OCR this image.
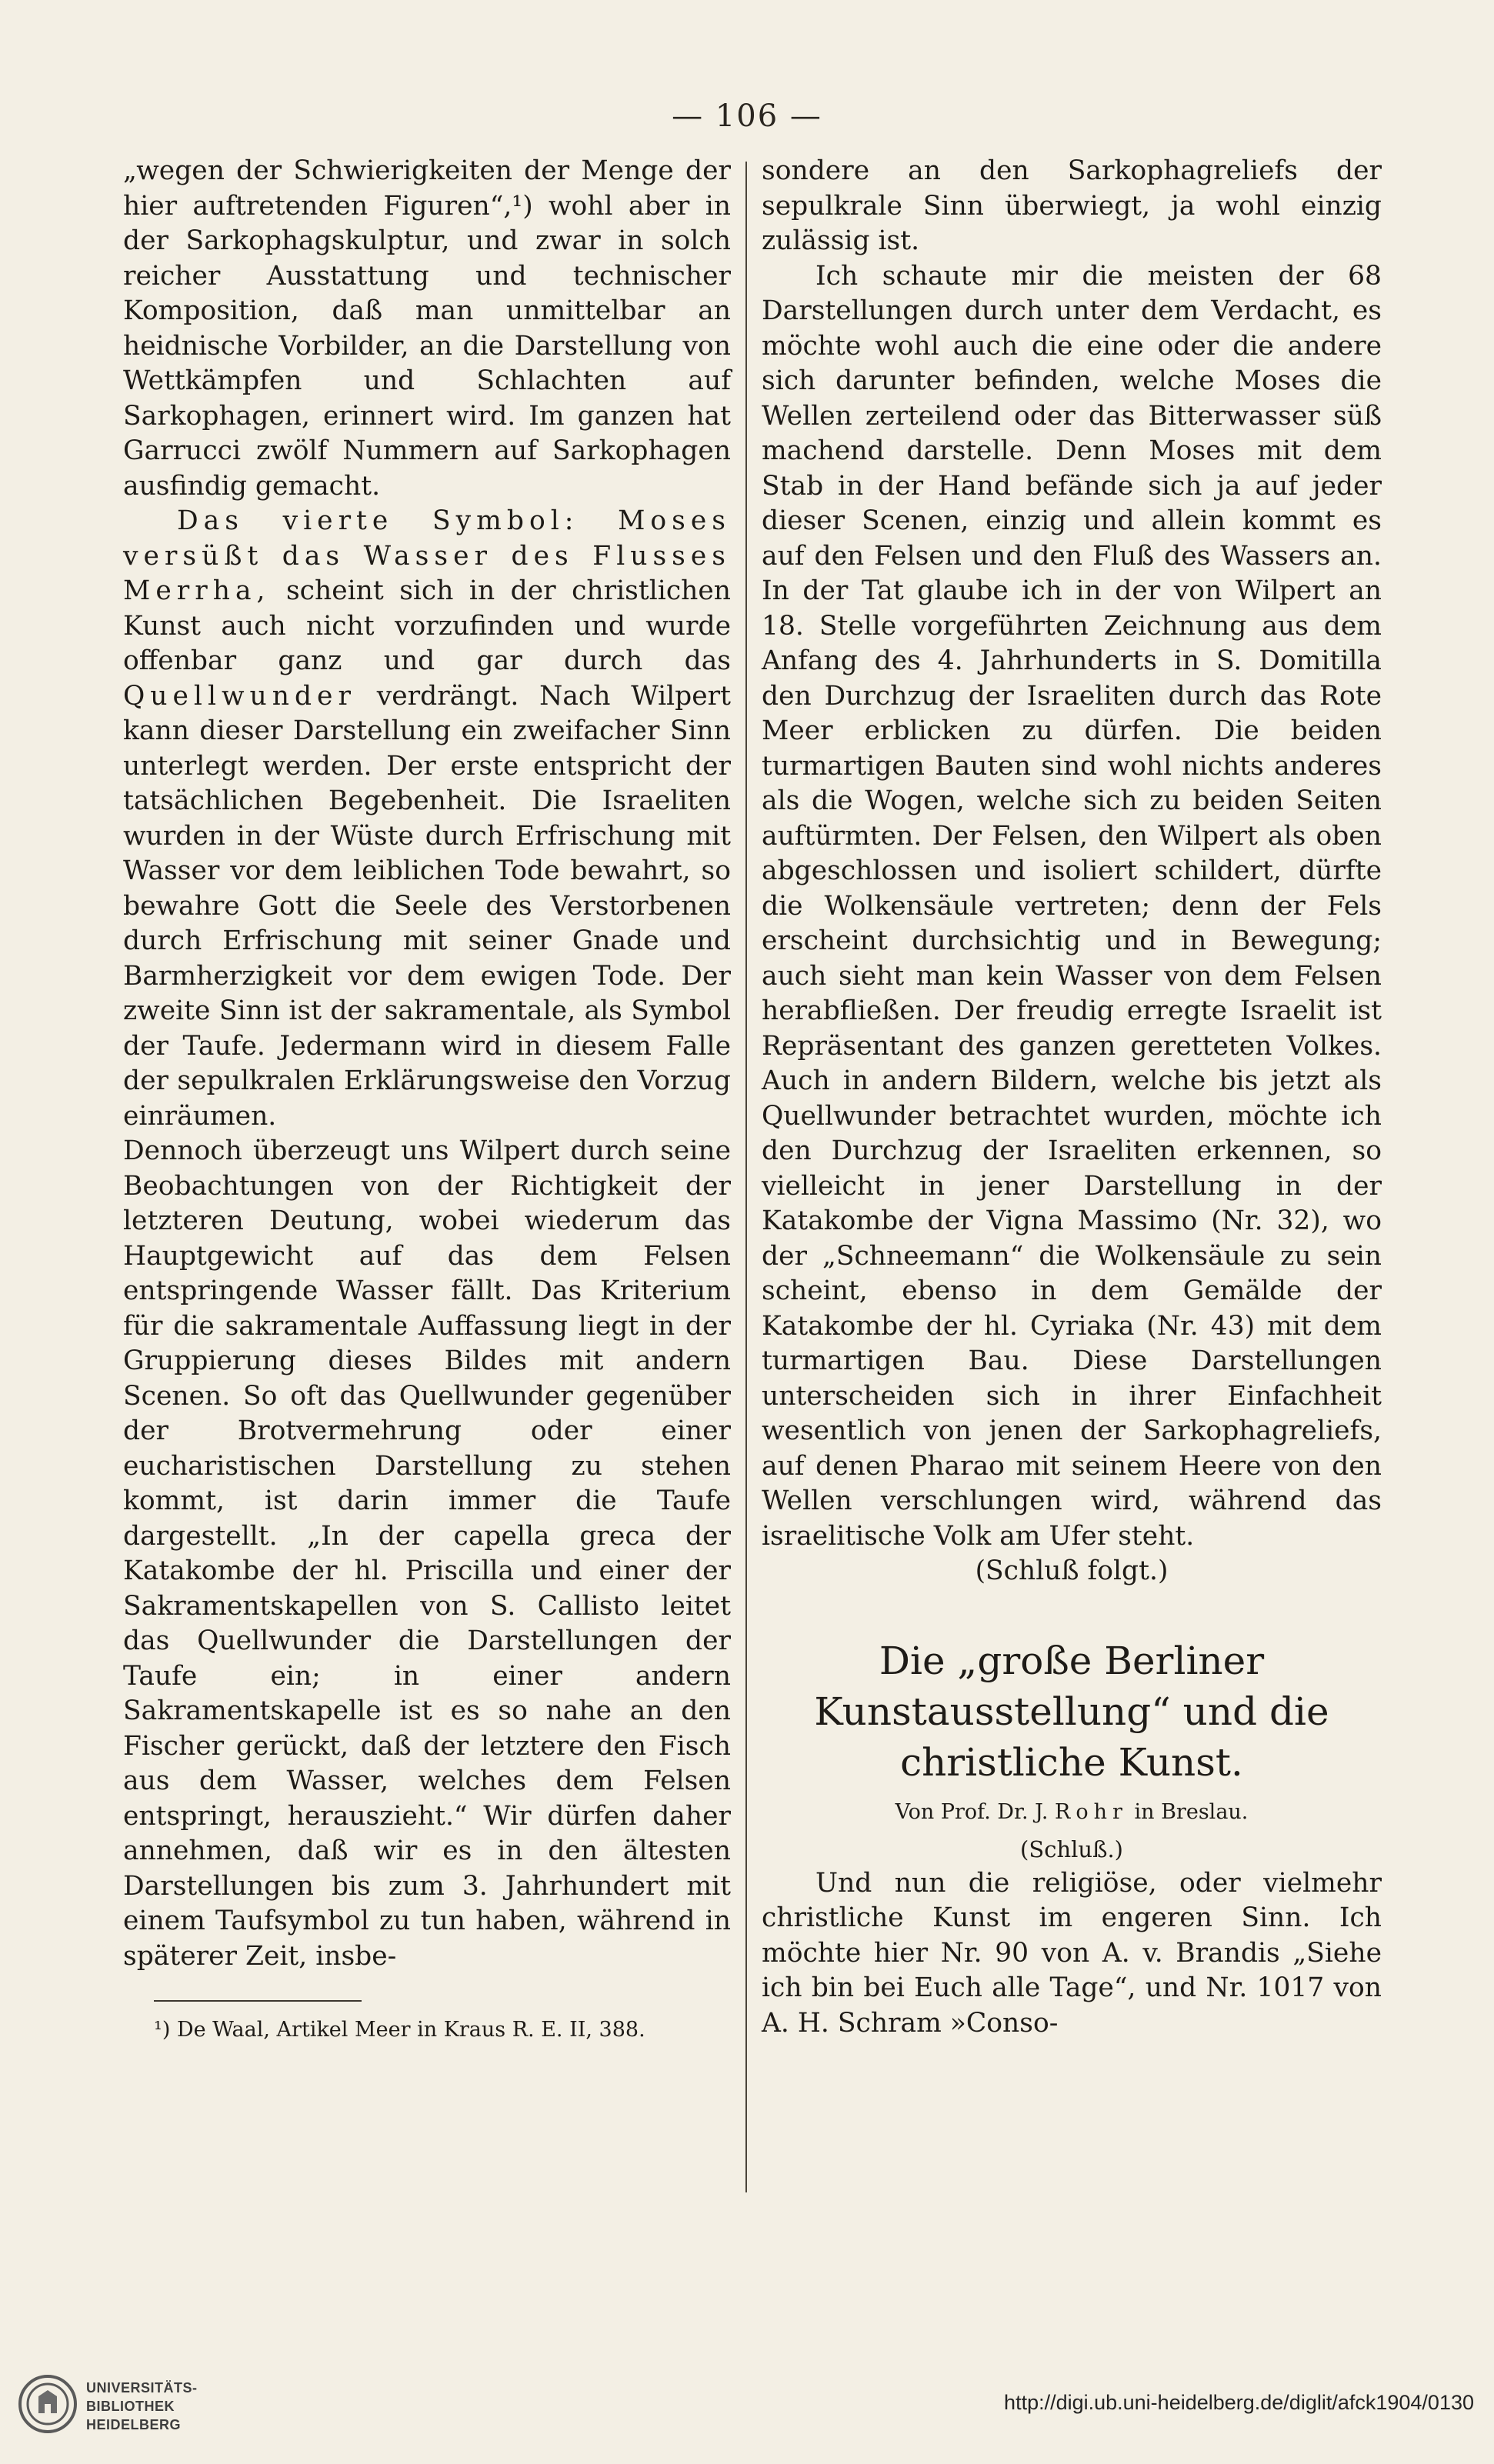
— 106 —

„wegen der Schwierigkeiten der Menge der hier auftretenden Figuren“,¹) wohl aber in der Sarkophagskulptur, und zwar in solch reicher Ausstattung und technischer Komposition, daß man unmittelbar an heidnische Vorbilder, an die Darstellung von Wettkämpfen und Schlachten auf Sarkophagen, erinnert wird. Im ganzen hat Garrucci zwölf Nummern auf Sarkophagen ausfindig gemacht.

Das vierte Symbol: Moses versüßt das Wasser des Flusses Merrha, scheint sich in der christlichen Kunst auch nicht vorzufinden und wurde offenbar ganz und gar durch das Quellwunder verdrängt. Nach Wilpert kann dieser Darstellung ein zweifacher Sinn unterlegt werden. Der erste entspricht der tatsächlichen Begebenheit. Die Israeliten wurden in der Wüste durch Erfrischung mit Wasser vor dem leiblichen Tode bewahrt, so bewahre Gott die Seele des Verstorbenen durch Erfrischung mit seiner Gnade und Barmherzigkeit vor dem ewigen Tode. Der zweite Sinn ist der sakramentale, als Symbol der Taufe. Jedermann wird in diesem Falle der sepulkralen Erklärungsweise den Vorzug einräumen.

Dennoch überzeugt uns Wilpert durch seine Beobachtungen von der Richtigkeit der letzteren Deutung, wobei wiederum das Hauptgewicht auf das dem Felsen entspringende Wasser fällt. Das Kriterium für die sakramentale Auffassung liegt in der Gruppierung dieses Bildes mit andern Scenen. So oft das Quellwunder gegenüber der Brotvermehrung oder einer eucharistischen Darstellung zu stehen kommt, ist darin immer die Taufe dargestellt. „In der capella greca der Katakombe der hl. Priscilla und einer der Sakramentskapellen von S. Callisto leitet das Quellwunder die Darstellungen der Taufe ein; in einer andern Sakramentskapelle ist es so nahe an den Fischer gerückt, daß der letztere den Fisch aus dem Wasser, welches dem Felsen entspringt, herauszieht.“ Wir dürfen daher annehmen, daß wir es in den ältesten Darstellungen bis zum 3. Jahrhundert mit einem Taufsymbol zu tun haben, während in späterer Zeit, insbe-

¹) De Waal, Artikel Meer in Kraus R. E. II, 388.

sondere an den Sarkophagreliefs der sepulkrale Sinn überwiegt, ja wohl einzig zulässig ist.

Ich schaute mir die meisten der 68 Darstellungen durch unter dem Verdacht, es möchte wohl auch die eine oder die andere sich darunter befinden, welche Moses die Wellen zerteilend oder das Bitterwasser süß machend darstelle. Denn Moses mit dem Stab in der Hand befände sich ja auf jeder dieser Scenen, einzig und allein kommt es auf den Felsen und den Fluß des Wassers an. In der Tat glaube ich in der von Wilpert an 18. Stelle vorgeführten Zeichnung aus dem Anfang des 4. Jahrhunderts in S. Domitilla den Durchzug der Israeliten durch das Rote Meer erblicken zu dürfen. Die beiden turmartigen Bauten sind wohl nichts anderes als die Wogen, welche sich zu beiden Seiten auftürmten. Der Felsen, den Wilpert als oben abgeschlossen und isoliert schildert, dürfte die Wolkensäule vertreten; denn der Fels erscheint durchsichtig und in Bewegung; auch sieht man kein Wasser von dem Felsen herabfließen. Der freudig erregte Israelit ist Repräsentant des ganzen geretteten Volkes. Auch in andern Bildern, welche bis jetzt als Quellwunder betrachtet wurden, möchte ich den Durchzug der Israeliten erkennen, so vielleicht in jener Darstellung in der Katakombe der Vigna Massimo (Nr. 32), wo der „Schneemann“ die Wolkensäule zu sein scheint, ebenso in dem Gemälde der Katakombe der hl. Cyriaka (Nr. 43) mit dem turmartigen Bau. Diese Darstellungen unterscheiden sich in ihrer Einfachheit wesentlich von jenen der Sarkophagreliefs, auf denen Pharao mit seinem Heere von den Wellen verschlungen wird, während das israelitische Volk am Ufer steht.

(Schluß folgt.)

Die „große Berliner Kunstausstellung“ und die christliche Kunst.
Von Prof. Dr. J. Rohr in Breslau.
(Schluß.)

Und nun die religiöse, oder vielmehr christliche Kunst im engeren Sinn. Ich möchte hier Nr. 90 von A. v. Brandis „Siehe ich bin bei Euch alle Tage“, und Nr. 1017 von A. H. Schram »Conso-

UNIVERSITÄTS-
BIBLIOTHEK
HEIDELBERG
http://digi.ub.uni-heidelberg.de/diglit/afck1904/0130
